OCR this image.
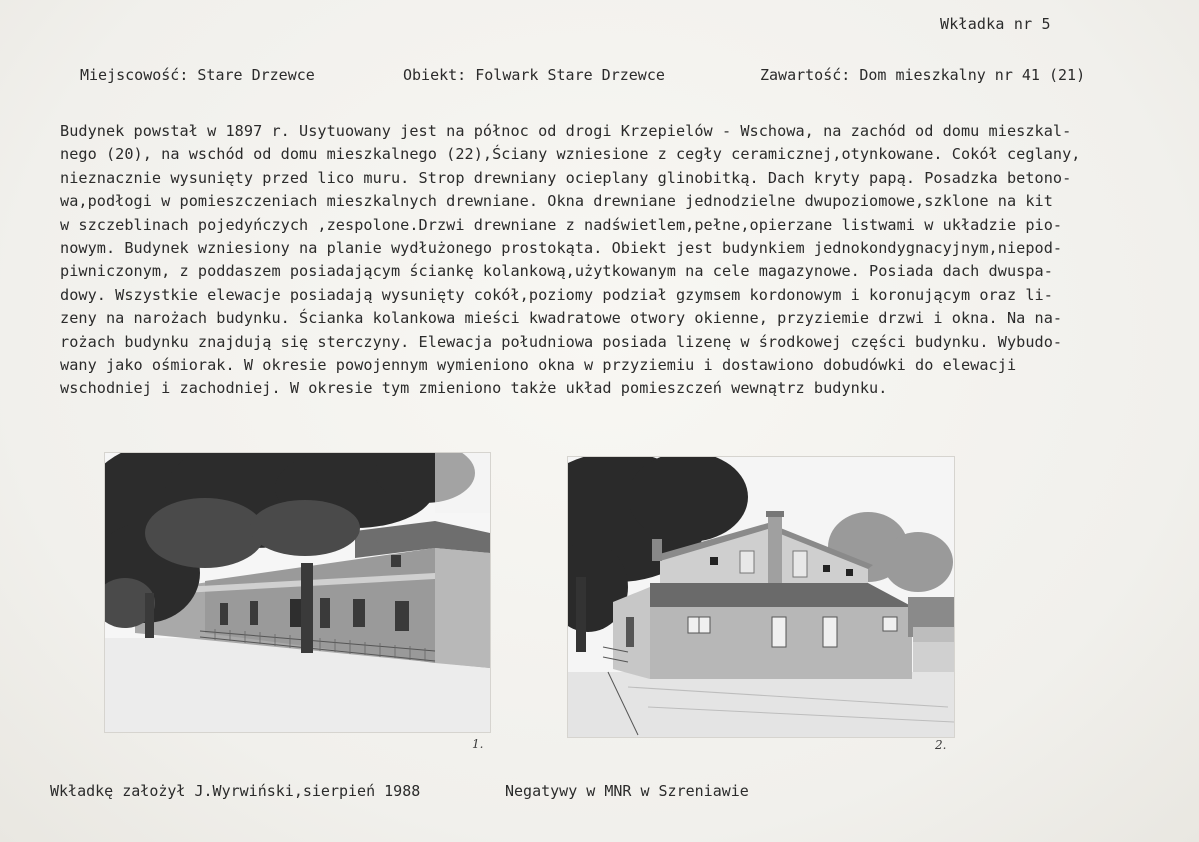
Wkładka nr 5
Miejscowość: Stare Drzewce	Obiekt: Folwark Stare Drzewce	Zawartość: Dom mieszkalny nr 41 (21)
Budynek powstał w 1897 r. Usytuowany jest na północ od drogi Krzepielów - Wschowa, na zachód od domu mieszkal-
nego (20), na wschód od domu mieszkalnego (22),Ściany wzniesione z cegły ceramicznej,otynkowane. Cokół ceglany,
nieznacznie wysunięty przed lico muru. Strop drewniany ocieplany glinobitką. Dach kryty papą. Posadzka betono-
wa,podłogi w pomieszczeniach mieszkalnych drewniane. Okna drewniane jednodzielne dwupoziomowe,szklone na kit
w szczeblinach pojedyńczych ,zespolone.Drzwi drewniane z nadświetlem,pełne,opierzane listwami w układzie pio-
nowym. Budynek wzniesiony na planie wydłużonego prostokąta. Obiekt jest budynkiem jednokondygnacyjnym,niepod-
piwniczonym, z poddaszem posiadającym ściankę kolankową,użytkowanym na cele magazynowe. Posiada dach dwuspa-
dowy. Wszystkie elewacje posiadają wysunięty cokół,poziomy podział gzymsem kordonowym i koronującym oraz li-
zeny na narożach budynku. Ścianka kolankowa mieści kwadratowe otwory okienne, przyziemie drzwi i okna. Na na-
rożach budynku znajdują się sterczyny. Elewacja południowa posiada lizenę w środkowej części budynku. Wybudo-
wany jako ośmiorak. W okresie powojennym wymieniono okna w przyziemiu i dostawiono dobudówki do elewacji
wschodniej i zachodniej. W okresie tym zmieniono także układ pomieszczeń wewnątrz budynku.
1.	2.
Wkładkę założył J.Wyrwiński,sierpień 1988	Negatywy w MNR w Szreniawie
